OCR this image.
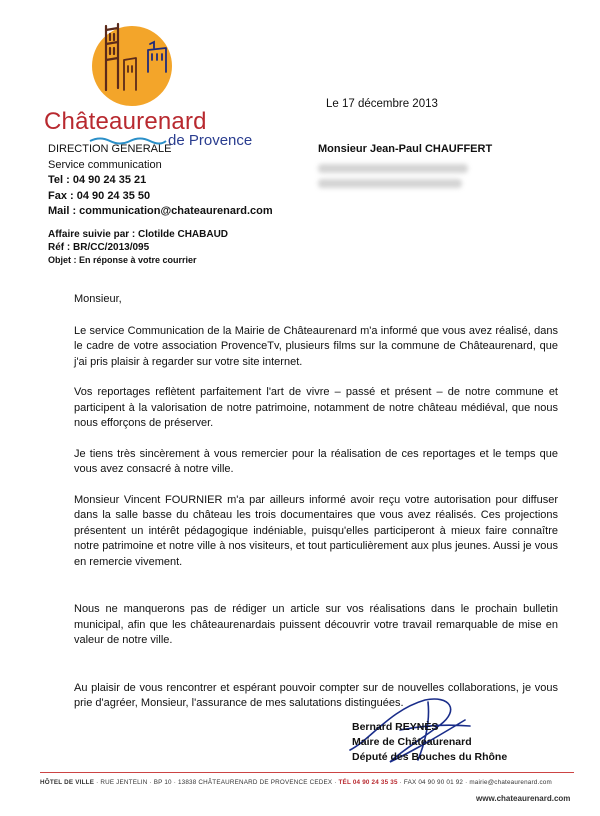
Châteaurenard
de Provence
Le 17 décembre 2013
DIRECTION GENERALE
Service communication
Tel : 04 90 24 35 21
Fax : 04 90 24 35 50
Mail : communication@chateaurenard.com
Monsieur Jean-Paul CHAUFFERT
Affaire suivie par : Clotilde CHABAUD
Réf : BR/CC/2013/095
Objet : En réponse à votre courrier

Monsieur,

Le service Communication de la Mairie de Châteaurenard m'a informé que vous avez réalisé, dans le cadre de votre association ProvenceTv, plusieurs films sur la commune de Châteaurenard, que j'ai pris plaisir à regarder sur votre site internet.

Vos reportages reflètent parfaitement l'art de vivre – passé et présent – de notre commune et participent à la valorisation de notre patrimoine, notamment de notre château médiéval, que nous nous efforçons de préserver.

Je tiens très sincèrement à vous remercier pour la réalisation de ces reportages et le temps que vous avez consacré à notre ville.

Monsieur Vincent FOURNIER m'a par ailleurs informé avoir reçu votre autorisation pour diffuser dans la salle basse du château les trois documentaires que vous avez réalisés. Ces projections présentent un intérêt pédagogique indéniable, puisqu'elles participeront à mieux faire connaître notre patrimoine et notre ville à nos visiteurs, et tout particulièrement aux plus jeunes. Aussi je vous en remercie vivement.

Nous ne manquerons pas de rédiger un article sur vos réalisations dans le prochain bulletin municipal, afin que les châteaurenardais puissent découvrir votre travail remarquable de mise en valeur de notre ville.

Au plaisir de vous rencontrer et espérant pouvoir compter sur de nouvelles collaborations, je vous prie d'agréer, Monsieur, l'assurance de mes salutations distinguées.

Bernard REYNÈS
Maire de Châteaurenard
Député des Bouches du Rhône
HÔTEL DE VILLE · RUE JENTELIN · BP 10 · 13838 CHÂTEAURENARD DE PROVENCE CEDEX · TÉL 04 90 24 35 35 · FAX 04 90 90 01 92 · mairie@chateaurenard.com
www.chateaurenard.com
